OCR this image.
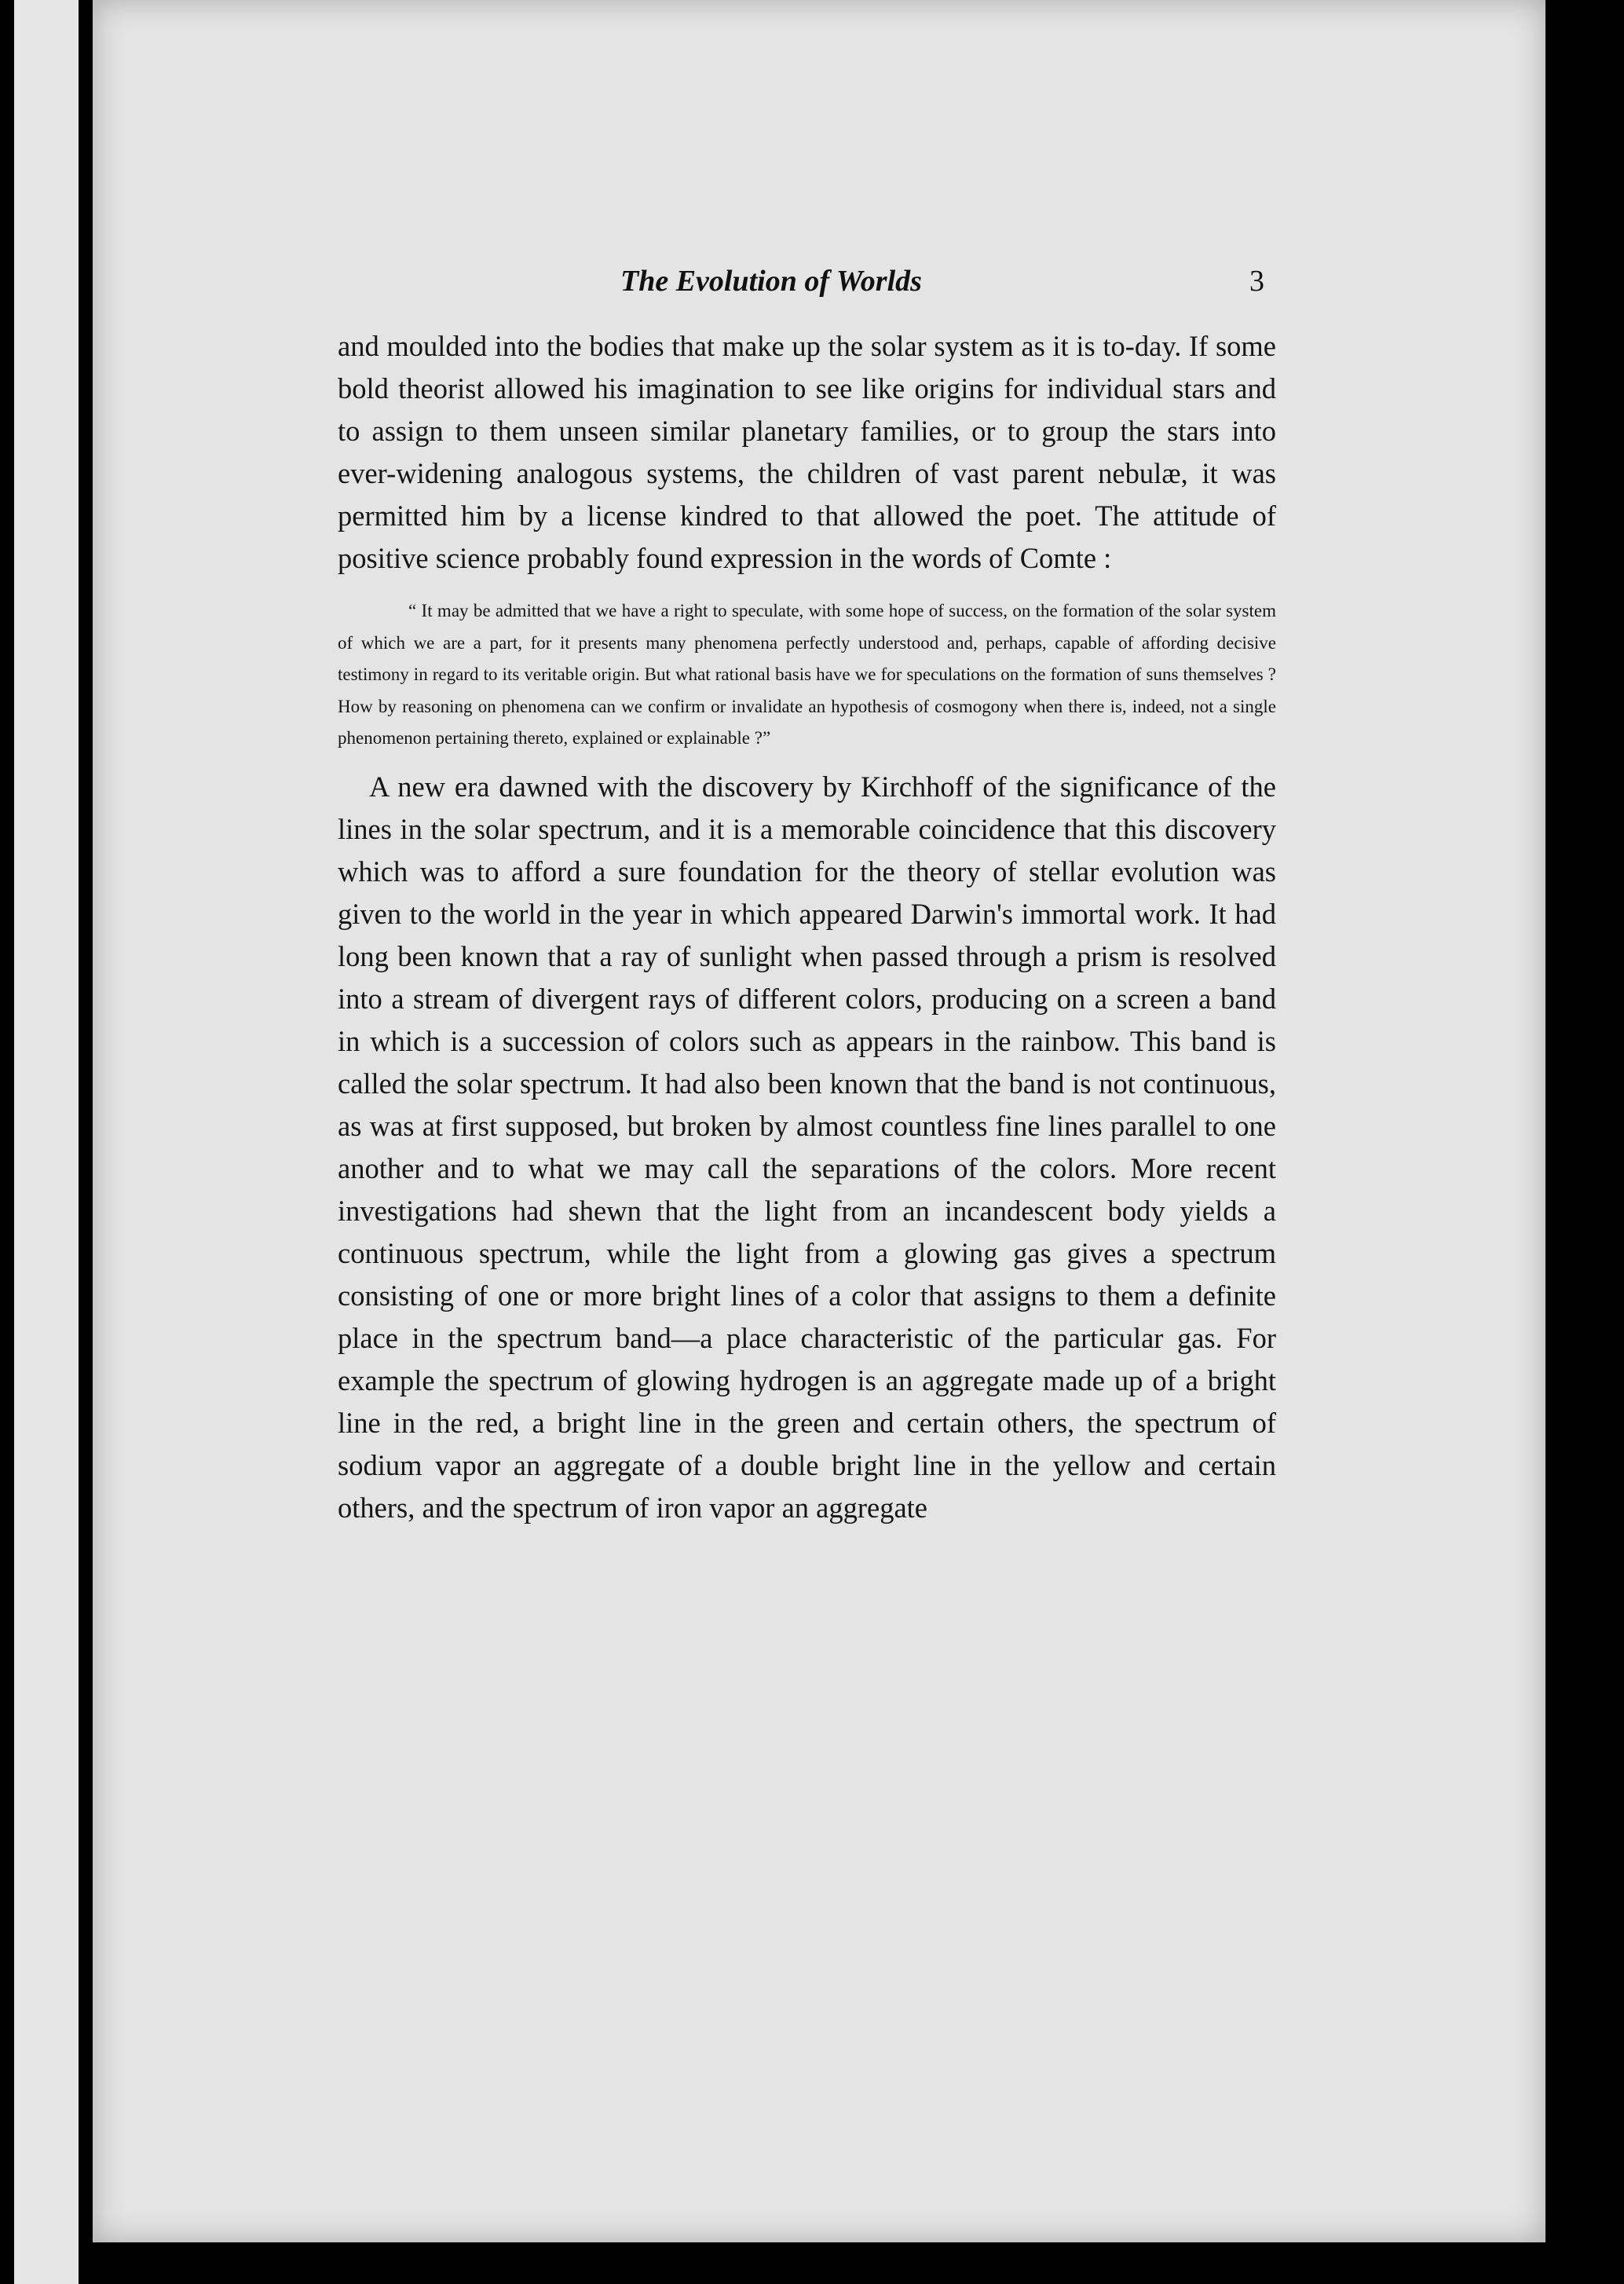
The Evolution of Worlds	3

and moulded into the bodies that make up the solar system as it is to-day. If some bold theorist allowed his imagination to see like origins for individual stars and to assign to them unseen similar planetary families, or to group the stars into ever-widening analogous systems, the children of vast parent nebulæ, it was permitted him by a license kindred to that allowed the poet. The attitude of positive science probably found expression in the words of Comte :

“ It may be admitted that we have a right to speculate, with some hope of success, on the formation of the solar system of which we are a part, for it presents many phenomena perfectly understood and, perhaps, capable of affording decisive testimony in regard to its veritable origin. But what rational basis have we for speculations on the formation of suns themselves ? How by reasoning on phenomena can we confirm or invalidate an hypothesis of cosmogony when there is, indeed, not a single phenomenon pertaining thereto, explained or explainable ?”

A new era dawned with the discovery by Kirchhoff of the significance of the lines in the solar spectrum, and it is a memorable coincidence that this discovery which was to afford a sure foundation for the theory of stellar evolution was given to the world in the year in which appeared Darwin's immortal work. It had long been known that a ray of sunlight when passed through a prism is resolved into a stream of divergent rays of different colors, producing on a screen a band in which is a succession of colors such as appears in the rainbow. This band is called the solar spectrum. It had also been known that the band is not continuous, as was at first supposed, but broken by almost countless fine lines parallel to one another and to what we may call the separations of the colors. More recent investigations had shewn that the light from an incandescent body yields a continuous spectrum, while the light from a glowing gas gives a spectrum consisting of one or more bright lines of a color that assigns to them a definite place in the spectrum band—a place characteristic of the particular gas. For example the spectrum of glowing hydrogen is an aggregate made up of a bright line in the red, a bright line in the green and certain others, the spectrum of sodium vapor an aggregate of a double bright line in the yellow and certain others, and the spectrum of iron vapor an aggregate
